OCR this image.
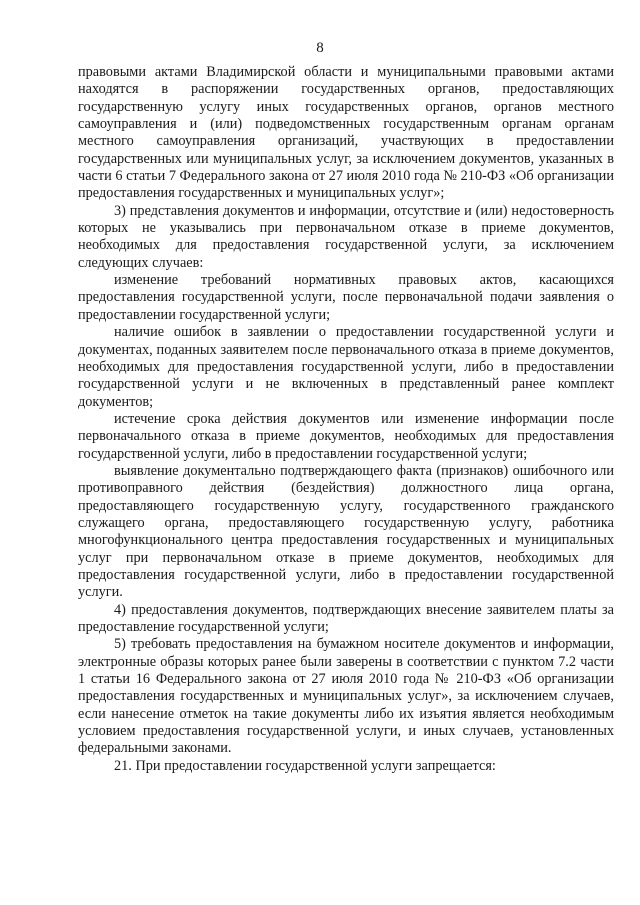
8

правовыми актами Владимирской области и муниципальными правовыми актами находятся в распоряжении государственных органов, предоставляющих государственную услугу иных государственных органов, органов местного самоуправления и (или) подведомственных государственным органам органам местного самоуправления организаций, участвующих в предоставлении государственных или муниципальных услуг, за исключением документов, указанных в части 6 статьи 7 Федерального закона от 27 июля 2010 года № 210-ФЗ «Об организации предоставления государственных и муниципальных услуг»;

3) представления документов и информации, отсутствие и (или) недостоверность которых не указывались при первоначальном отказе в приеме документов, необходимых для предоставления государственной услуги, за исключением следующих случаев:

изменение требований нормативных правовых актов, касающихся предоставления государственной услуги, после первоначальной подачи заявления о предоставлении государственной услуги;

наличие ошибок в заявлении о предоставлении государственной услуги и документах, поданных заявителем после первоначального отказа в приеме документов, необходимых для предоставления государственной услуги, либо в предоставлении государственной услуги и не включенных в представленный ранее комплект документов;

истечение срока действия документов или изменение информации после первоначального отказа в приеме документов, необходимых для предоставления государственной услуги, либо в предоставлении государственной услуги;

выявление документально подтверждающего факта (признаков) ошибочного или противоправного действия (бездействия) должностного лица органа, предоставляющего государственную услугу, государственного гражданского служащего органа, предоставляющего государственную услугу, работника многофункционального центра предоставления государственных и муниципальных услуг при первоначальном отказе в приеме документов, необходимых для предоставления государственной услуги, либо в предоставлении государственной услуги.

4) предоставления документов, подтверждающих внесение заявителем платы за предоставление государственной услуги;

5) требовать предоставления на бумажном носителе документов и информации, электронные образы которых ранее были заверены в соответствии с пунктом 7.2 части 1 статьи 16 Федерального закона от 27 июля 2010 года № 210-ФЗ «Об организации предоставления государственных и муниципальных услуг», за исключением случаев, если нанесение отметок на такие документы либо их изъятия является необходимым условием предоставления государственной услуги, и иных случаев, установленных федеральными законами.

21. При предоставлении государственной услуги запрещается:
